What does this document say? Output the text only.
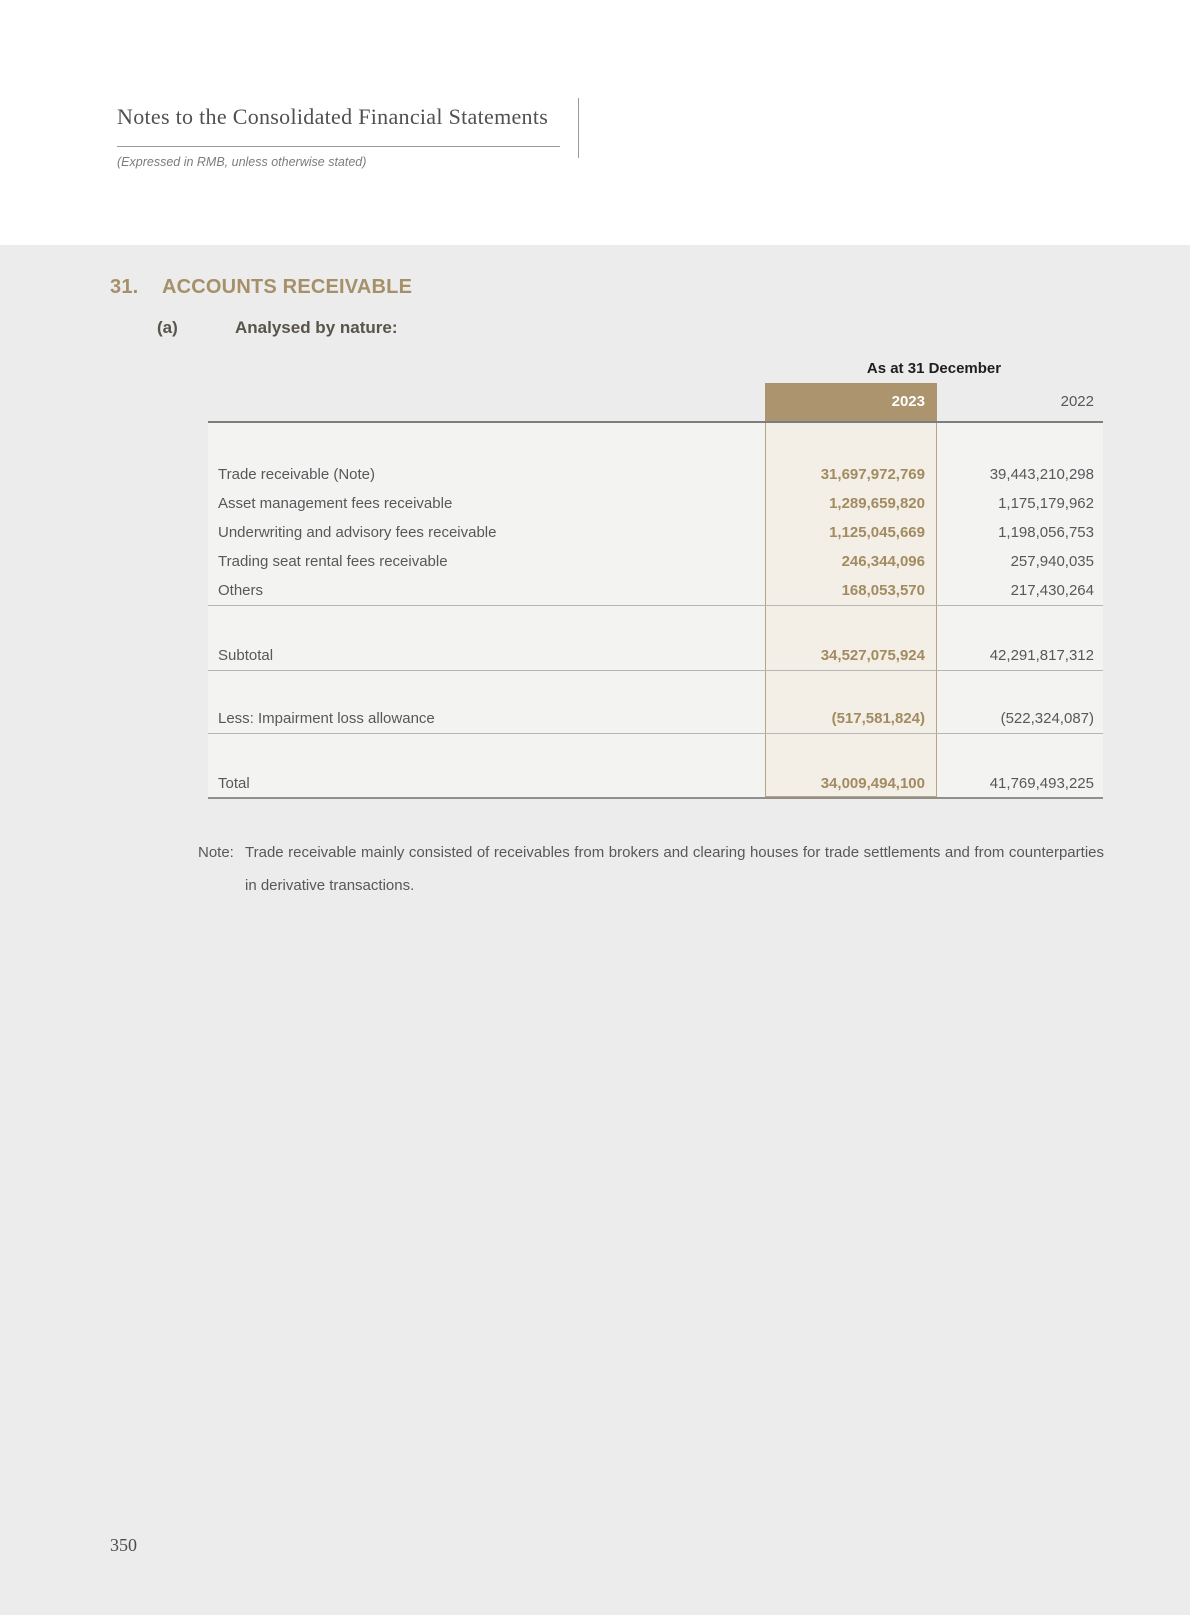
Notes to the Consolidated Financial Statements
(Expressed in RMB, unless otherwise stated)
31. ACCOUNTS RECEIVABLE
(a)	Analysed by nature:
As at 31 December
2023	2022
Trade receivable (Note)	31,697,972,769	39,443,210,298
Asset management fees receivable	1,289,659,820	1,175,179,962
Underwriting and advisory fees receivable	1,125,045,669	1,198,056,753
Trading seat rental fees receivable	246,344,096	257,940,035
Others	168,053,570	217,430,264
Subtotal	34,527,075,924	42,291,817,312
Less: Impairment loss allowance	(517,581,824)	(522,324,087)
Total	34,009,494,100	41,769,493,225
Note: Trade receivable mainly consisted of receivables from brokers and clearing houses for trade settlements and from counterparties in derivative transactions.
350
